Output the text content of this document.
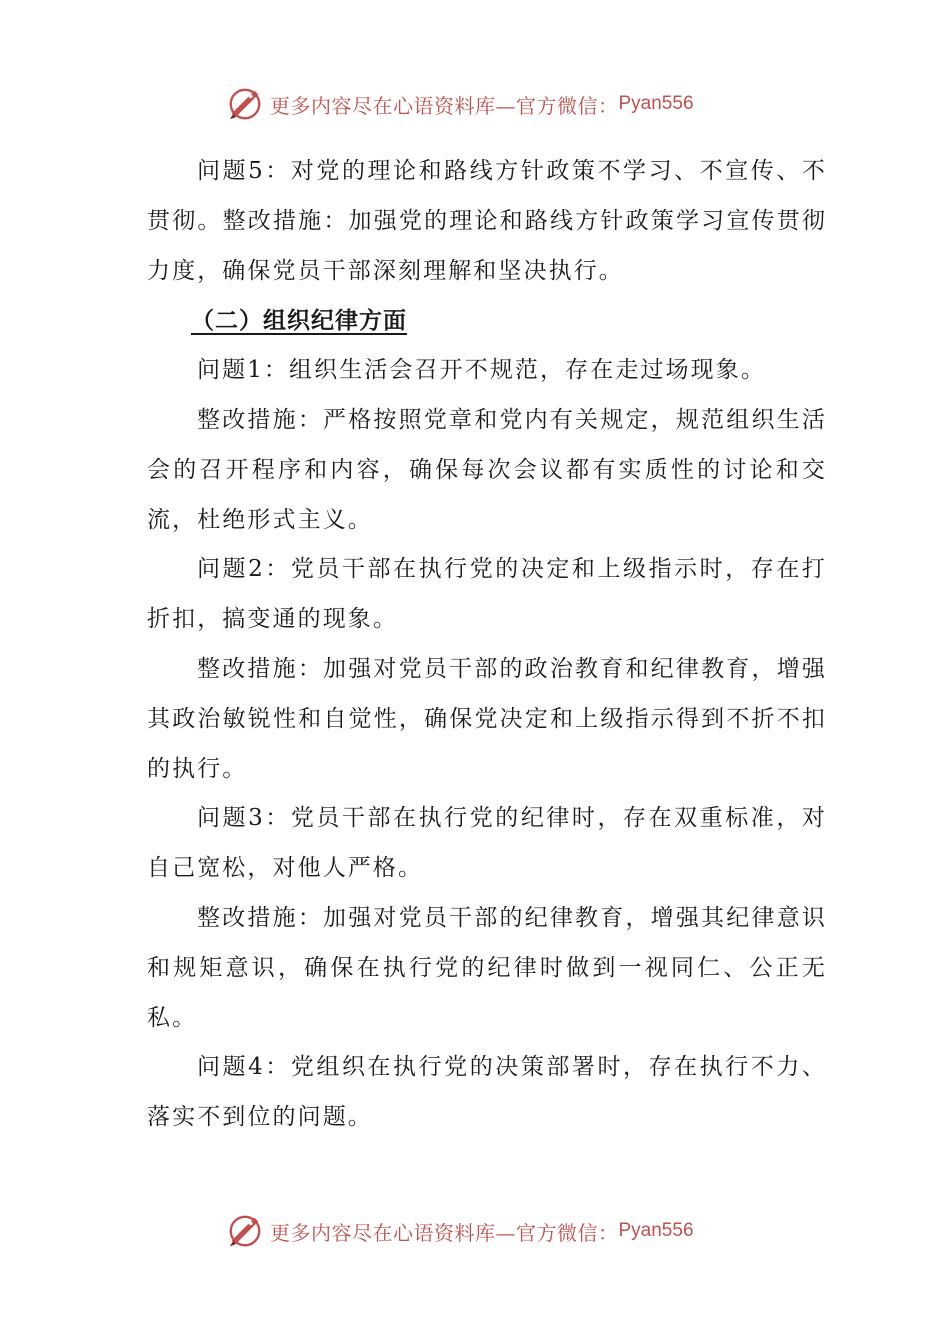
更多内容尽在心语资料库—官方微信： Pyan556

问题5：对党的理论和路线方针政策不学习、不宣传、不贯彻。整改措施：加强党的理论和路线方针政策学习宣传贯彻力度，确保党员干部深刻理解和坚决执行。

（二）组织纪律方面

问题1：组织生活会召开不规范，存在走过场现象。

整改措施：严格按照党章和党内有关规定，规范组织生活会的召开程序和内容，确保每次会议都有实质性的讨论和交流，杜绝形式主义。

问题2：党员干部在执行党的决定和上级指示时，存在打折扣，搞变通的现象。

整改措施：加强对党员干部的政治教育和纪律教育，增强其政治敏锐性和自觉性，确保党决定和上级指示得到不折不扣的执行。

问题3：党员干部在执行党的纪律时，存在双重标准，对自己宽松，对他人严格。

整改措施：加强对党员干部的纪律教育，增强其纪律意识和规矩意识，确保在执行党的纪律时做到一视同仁、公正无私。

问题4：党组织在执行党的决策部署时，存在执行不力、落实不到位的问题。

更多内容尽在心语资料库—官方微信： Pyan556
